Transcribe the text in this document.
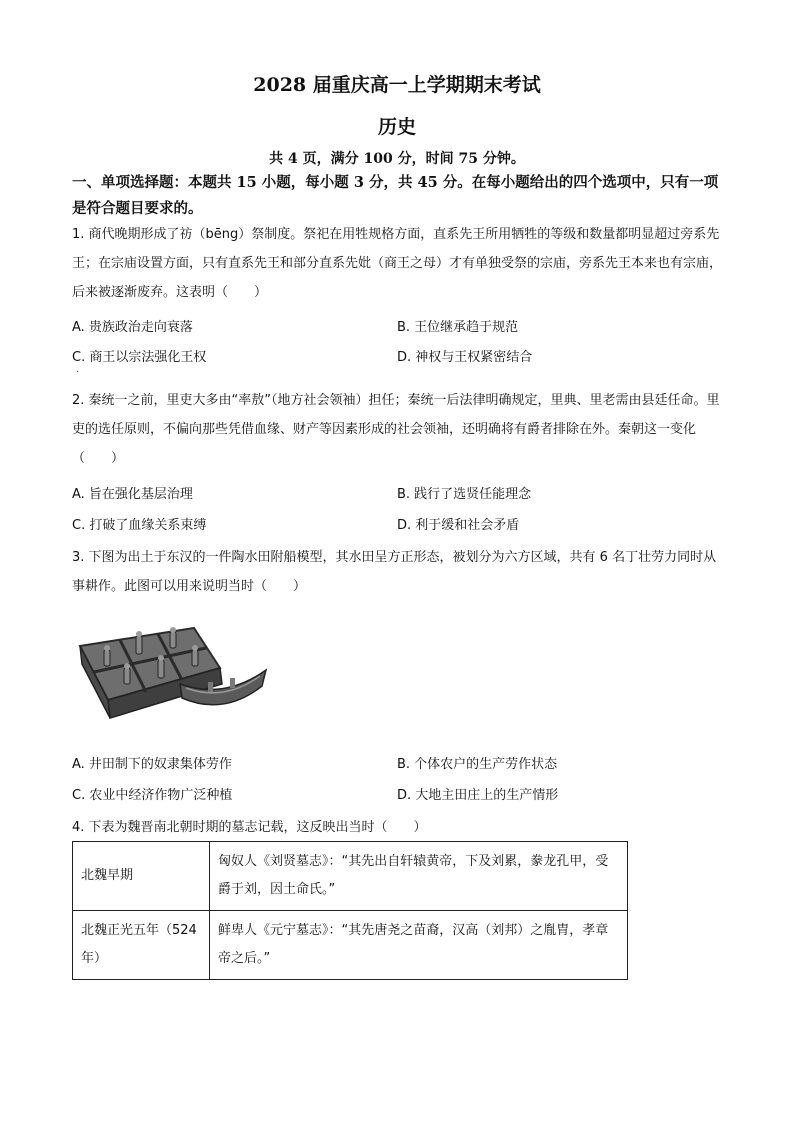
2028 届重庆高一上学期期末考试
历史
共 4 页，满分 100 分，时间 75 分钟。
一、单项选择题：本题共 15 小题，每小题 3 分，共 45 分。在每小题给出的四个选项中，只有一项是符合题目要求的。
1. 商代晚期形成了祊（bēng）祭制度。祭祀在用牲规格方面，直系先王所用牺牲的等级和数量都明显超过旁系先王；在宗庙设置方面，只有直系先王和部分直系先妣（商王之母）才有单独受祭的宗庙，旁系先王本来也有宗庙，后来被逐渐废弃。这表明（　　）
A. 贵族政治走向衰落	B. 王位继承趋于规范
C. 商王以宗法强化王权	D. 神权与王权紧密结合
.
2. 秦统一之前，里吏大多由“率敖”（地方社会领袖）担任；秦统一后法律明确规定，里典、里老需由县廷任命。里吏的选任原则，不偏向那些凭借血缘、财产等因素形成的社会领袖，还明确将有爵者排除在外。秦朝这一变化（　　）
A. 旨在强化基层治理	B. 践行了选贤任能理念
C. 打破了血缘关系束缚	D. 利于缓和社会矛盾
3. 下图为出土于东汉的一件陶水田附船模型，其水田呈方正形态，被划分为六方区域，共有 6 名丁壮劳力同时从事耕作。此图可以用来说明当时（　　）
A. 井田制下的奴隶集体劳作	B. 个体农户的生产劳作状态
C. 农业中经济作物广泛种植	D. 大地主田庄上的生产情形
4. 下表为魏晋南北朝时期的墓志记载，这反映出当时（　　）
北魏早期	匈奴人《刘贤墓志》：“其先出自轩辕黄帝，下及刘累，豢龙孔甲，受爵于刘，因土命氏。”
北魏正光五年（524 年）	鲜卑人《元宁墓志》：“其先唐尧之苗裔，汉高（刘邦）之胤胄，孝章帝之后。”
